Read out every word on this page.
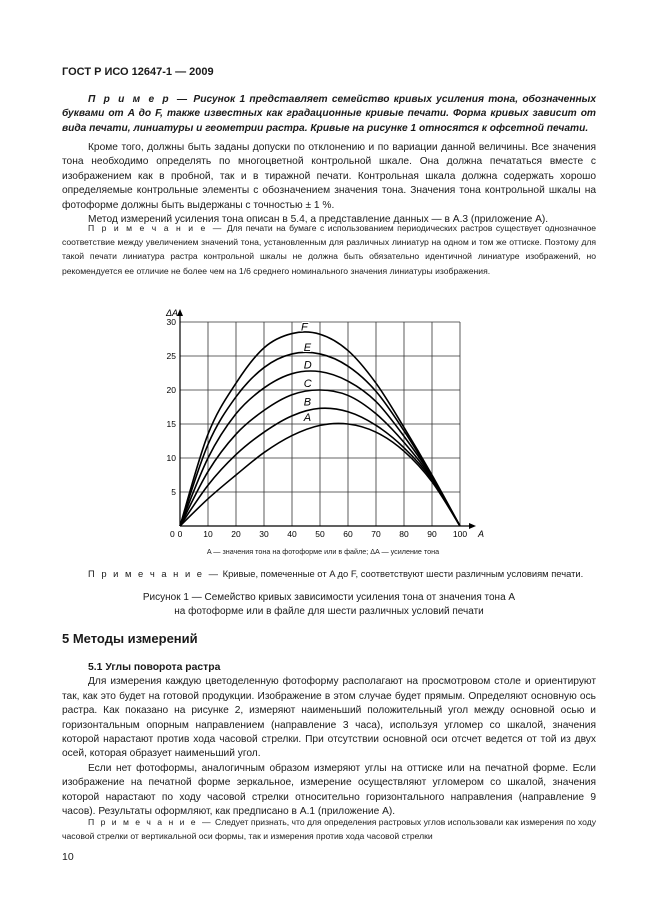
ГОСТ Р ИСО 12647-1 — 2009

П р и м е р — Рисунок 1 представляет семейство кривых усиления тона, обозначенных буквами от A до F, также известных как градационные кривые печати. Форма кривых зависит от вида печати, линиатуры и геометрии растра. Кривые на рисунке 1 относятся к офсетной печати.

Кроме того, должны быть заданы допуски по отклонению и по вариации данной величины. Все значения тона необходимо определять по многоцветной контрольной шкале. Она должна печататься вместе с изображением как в пробной, так и в тиражной печати. Контрольная шкала должна содержать хорошо определяемые контрольные элементы с обозначением значения тона. Значения тона контрольной шкалы на фотоформе должны быть выдержаны с точностью ± 1 %.

Метод измерений усиления тона описан в 5.4, а представление данных — в А.3 (приложение А).

П р и м е ч а н и е — Для печати на бумаге с использованием периодических растров существует однозначное соответствие между увеличением значений тона, установленным для различных линиатур на одном и том же оттиске. Поэтому для такой печати линиатура растра контрольной шкалы не должна быть обязательно идентичной линиатуре изображений, но рекомендуется ее отличие не более чем на 1/6 среднего номинального значения линиатуры изображения.

0 10 20 30 40 50 60 70 80 90 100
5
10
15
20
25
30
A
ΔA
0
A
B
C
D
E
F
A — значения тона на фотоформе или в файле; ΔA — усиление тона

П р и м е ч а н и е — Кривые, помеченные от A до F, соответствуют шести различным условиям печати.

Рисунок 1 — Семейство кривых зависимости усиления тона от значения тона A
на фотоформе или в файле для шести различных условий печати
5 Методы измерений
5.1 Углы поворота растра

Для измерения каждую цветоделенную фотоформу располагают на просмотровом столе и ориентируют так, как это будет на готовой продукции. Изображение в этом случае будет прямым. Определяют основную ось растра. Как показано на рисунке 2, измеряют наименьший положительный угол между основной осью и горизонтальным опорным направлением (направление 3 часа), используя угломер со шкалой, значения которой нарастают против хода часовой стрелки. При отсутствии основной оси отсчет ведется от той из двух осей, которая образует наименьший угол.

Если нет фотоформы, аналогичным образом измеряют углы на оттиске или на печатной форме. Если изображение на печатной форме зеркальное, измерение осуществляют угломером со шкалой, значения которой нарастают по ходу часовой стрелки относительно горизонтального направления (направление 9 часов). Результаты оформляют, как предписано в А.1 (приложение А).

П р и м е ч а н и е — Следует признать, что для определения растровых углов использовали как измерения по ходу часовой стрелки от вертикальной оси формы, так и измерения против хода часовой стрелки

10
